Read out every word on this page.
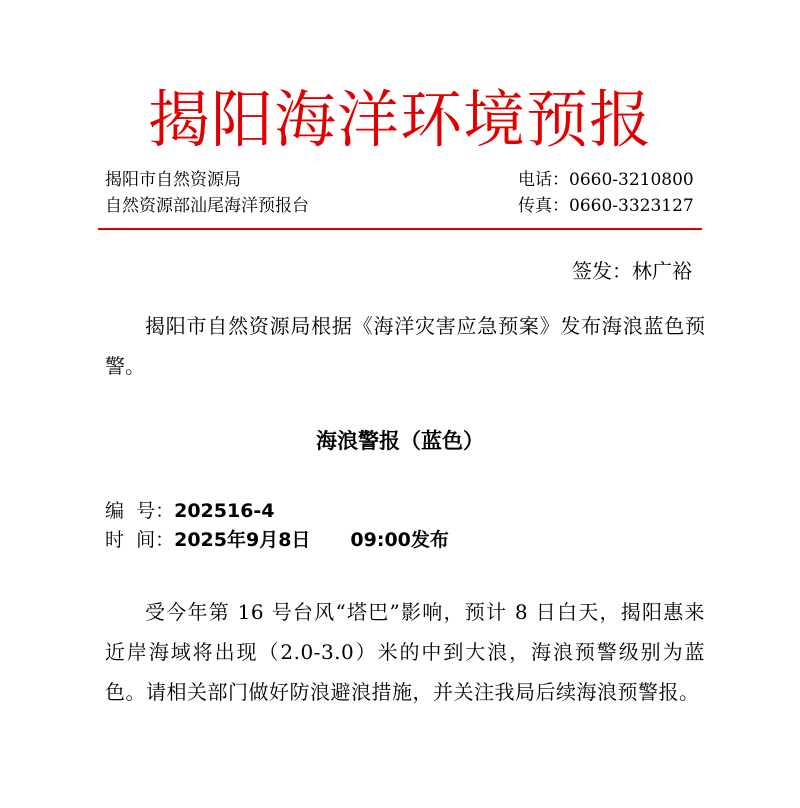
揭阳海洋环境预报
揭阳市自然资源局
自然资源部汕尾海洋预报台
电话：0660-3210800
传真：0660-3323127
签发：林广裕
揭阳市自然资源局根据《海洋灾害应急预案》发布海浪蓝色预警。
海浪警报（蓝色）
编  号：202516-4
时  间：2025年9月8日 09:00发布
受今年第 16 号台风“塔巴”影响，预计 8 日白天，揭阳惠来近岸海域将出现（2.0-3.0）米的中到大浪，海浪预警级别为蓝色。请相关部门做好防浪避浪措施，并关注我局后续海浪预警报。
